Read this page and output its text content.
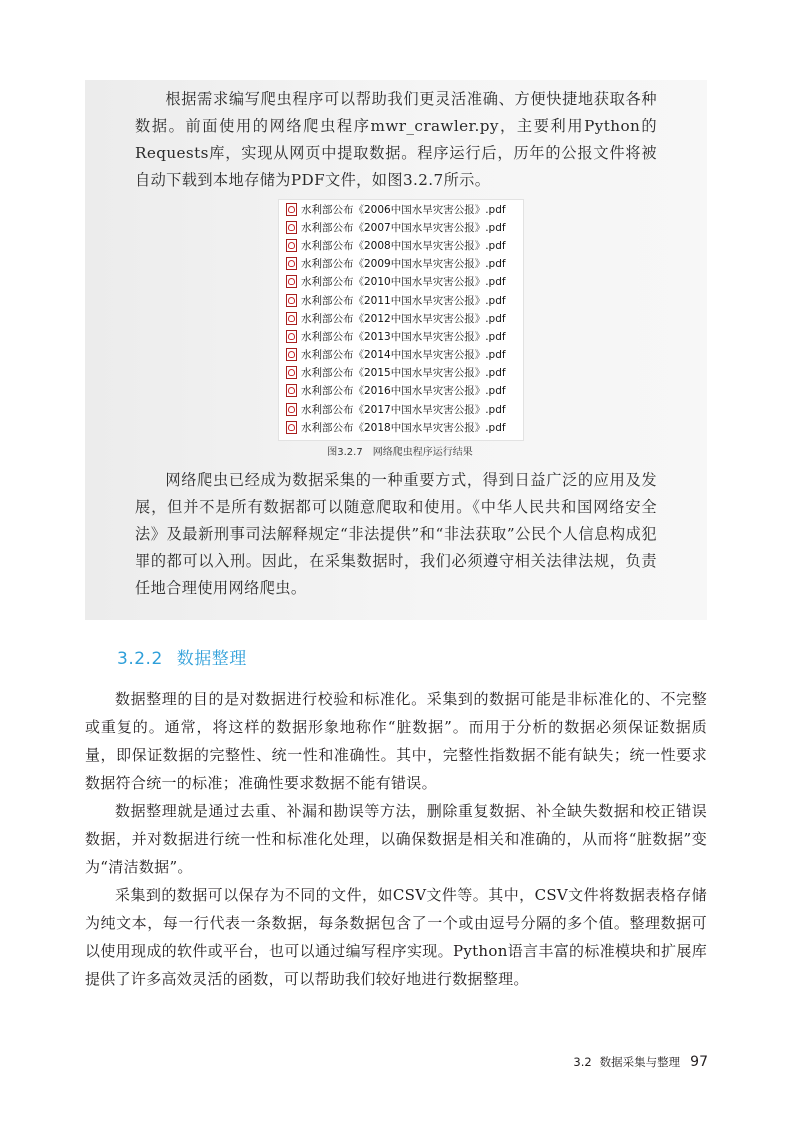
根据需求编写爬虫程序可以帮助我们更灵活准确、方便快捷地获取各种数据。前面使用的网络爬虫程序mwr_crawler.py，主要利用Python的Requests库，实现从网页中提取数据。程序运行后，历年的公报文件将被自动下载到本地存储为PDF文件，如图3.2.7所示。

水利部公布《2006中国水旱灾害公报》.pdf
水利部公布《2007中国水旱灾害公报》.pdf
水利部公布《2008中国水旱灾害公报》.pdf
水利部公布《2009中国水旱灾害公报》.pdf
水利部公布《2010中国水旱灾害公报》.pdf
水利部公布《2011中国水旱灾害公报》.pdf
水利部公布《2012中国水旱灾害公报》.pdf
水利部公布《2013中国水旱灾害公报》.pdf
水利部公布《2014中国水旱灾害公报》.pdf
水利部公布《2015中国水旱灾害公报》.pdf
水利部公布《2016中国水旱灾害公报》.pdf
水利部公布《2017中国水旱灾害公报》.pdf
水利部公布《2018中国水旱灾害公报》.pdf
图3.2.7 网络爬虫程序运行结果

网络爬虫已经成为数据采集的一种重要方式，得到日益广泛的应用及发展，但并不是所有数据都可以随意爬取和使用。《中华人民共和国网络安全法》及最新刑事司法解释规定“非法提供”和“非法获取”公民个人信息构成犯罪的都可以入刑。因此，在采集数据时，我们必须遵守相关法律法规，负责任地合理使用网络爬虫。

3.2.2 数据整理

数据整理的目的是对数据进行校验和标准化。采集到的数据可能是非标准化的、不完整或重复的。通常，将这样的数据形象地称作“脏数据”。而用于分析的数据必须保证数据质量，即保证数据的完整性、统一性和准确性。其中，完整性指数据不能有缺失；统一性要求数据符合统一的标准；准确性要求数据不能有错误。

数据整理就是通过去重、补漏和勘误等方法，删除重复数据、补全缺失数据和校正错误数据，并对数据进行统一性和标准化处理，以确保数据是相关和准确的，从而将“脏数据”变为“清洁数据”。

采集到的数据可以保存为不同的文件，如CSV文件等。其中，CSV文件将数据表格存储为纯文本，每一行代表一条数据，每条数据包含了一个或由逗号分隔的多个值。整理数据可以使用现成的软件或平台，也可以通过编写程序实现。Python语言丰富的标准模块和扩展库提供了许多高效灵活的函数，可以帮助我们较好地进行数据整理。

3.2 数据采集与整理 97
